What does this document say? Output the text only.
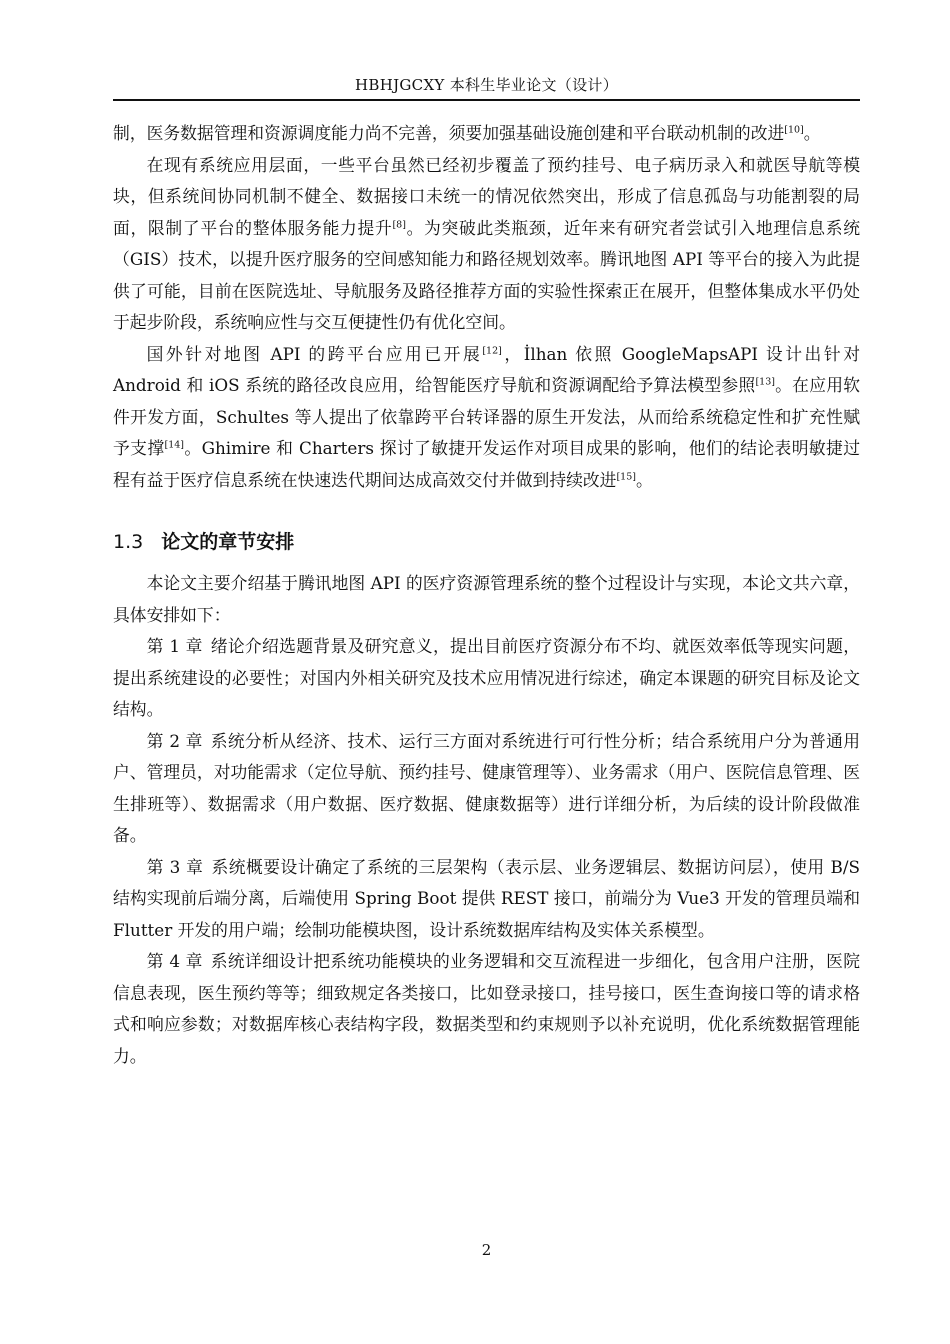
HBHJGCXY 本科生毕业论文（设计）

制，医务数据管理和资源调度能力尚不完善，须要加强基础设施创建和平台联动机制的改进[10]。

在现有系统应用层面，一些平台虽然已经初步覆盖了预约挂号、电子病历录入和就医导航等模块，但系统间协同机制不健全、数据接口未统一的情况依然突出，形成了信息孤岛与功能割裂的局面，限制了平台的整体服务能力提升[8]。为突破此类瓶颈，近年来有研究者尝试引入地理信息系统（GIS）技术，以提升医疗服务的空间感知能力和路径规划效率。腾讯地图 API 等平台的接入为此提供了可能，目前在医院选址、导航服务及路径推荐方面的实验性探索正在展开，但整体集成水平仍处于起步阶段，系统响应性与交互便捷性仍有优化空间。

国外针对地图 API 的跨平台应用已开展[12]，İlhan 依照 GoogleMapsAPI 设计出针对 Android 和 iOS 系统的路径改良应用，给智能医疗导航和资源调配给予算法模型参照[13]。在应用软件开发方面，Schultes 等人提出了依靠跨平台转译器的原生开发法，从而给系统稳定性和扩充性赋予支撑[14]。Ghimire 和 Charters 探讨了敏捷开发运作对项目成果的影响，他们的结论表明敏捷过程有益于医疗信息系统在快速迭代期间达成高效交付并做到持续改进[15]。

1.3 论文的章节安排

本论文主要介绍基于腾讯地图 API 的医疗资源管理系统的整个过程设计与实现，本论文共六章，具体安排如下：

第 1 章 绪论介绍选题背景及研究意义，提出目前医疗资源分布不均、就医效率低等现实问题，提出系统建设的必要性；对国内外相关研究及技术应用情况进行综述，确定本课题的研究目标及论文结构。

第 2 章 系统分析从经济、技术、运行三方面对系统进行可行性分析；结合系统用户分为普通用户、管理员，对功能需求（定位导航、预约挂号、健康管理等）、业务需求（用户、医院信息管理、医生排班等）、数据需求（用户数据、医疗数据、健康数据等）进行详细分析，为后续的设计阶段做准备。

第 3 章 系统概要设计确定了系统的三层架构（表示层、业务逻辑层、数据访问层），使用 B/S 结构实现前后端分离，后端使用 Spring Boot 提供 REST 接口，前端分为 Vue3 开发的管理员端和 Flutter 开发的用户端；绘制功能模块图，设计系统数据库结构及实体关系模型。

第 4 章 系统详细设计把系统功能模块的业务逻辑和交互流程进一步细化，包含用户注册，医院信息表现，医生预约等等；细致规定各类接口，比如登录接口，挂号接口，医生查询接口等的请求格式和响应参数；对数据库核心表结构字段，数据类型和约束规则予以补充说明，优化系统数据管理能力。

2
